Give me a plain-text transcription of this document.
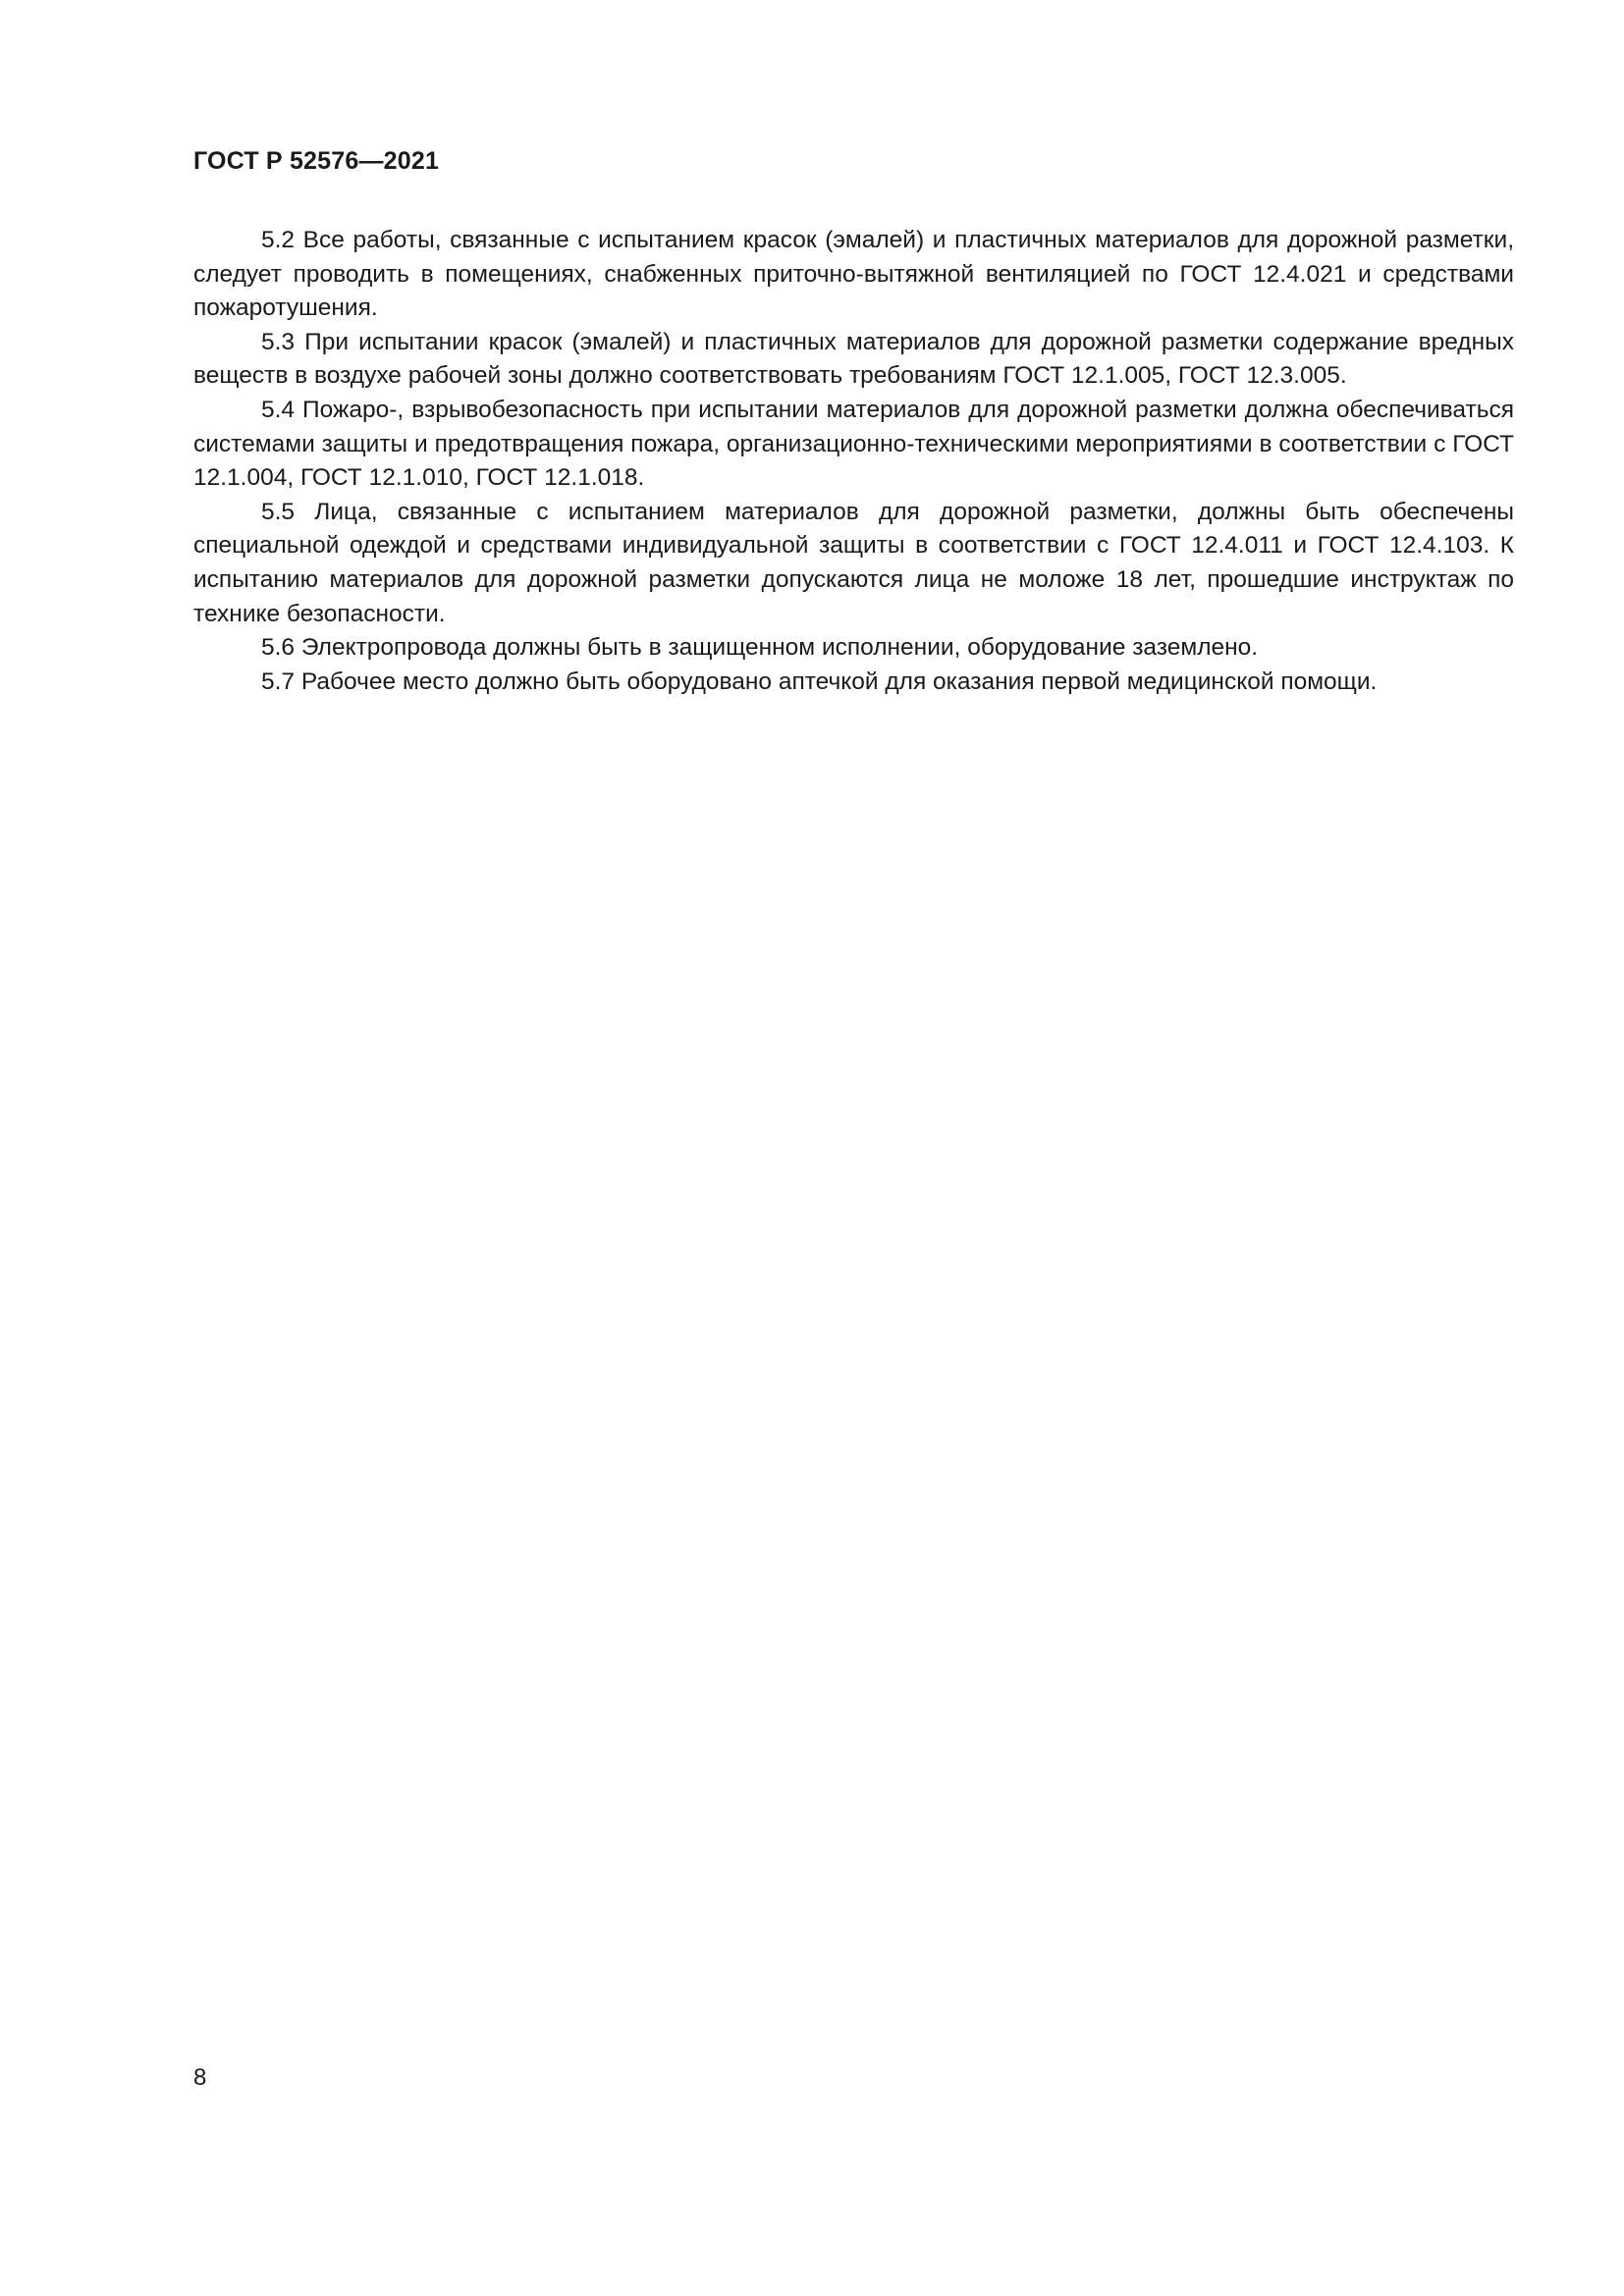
ГОСТ Р 52576—2021

5.2 Все работы, связанные с испытанием красок (эмалей) и пластичных материалов для дорожной разметки, следует проводить в помещениях, снабженных приточно-вытяжной вентиляцией по ГОСТ 12.4.021 и средствами пожаротушения.

5.3 При испытании красок (эмалей) и пластичных материалов для дорожной разметки содержание вредных веществ в воздухе рабочей зоны должно соответствовать требованиям ГОСТ 12.1.005, ГОСТ 12.3.005.

5.4 Пожаро-, взрывобезопасность при испытании материалов для дорожной разметки должна обеспечиваться системами защиты и предотвращения пожара, организационно-техническими мероприятиями в соответствии с ГОСТ 12.1.004, ГОСТ 12.1.010, ГОСТ 12.1.018.

5.5 Лица, связанные с испытанием материалов для дорожной разметки, должны быть обеспечены специальной одеждой и средствами индивидуальной защиты в соответствии с ГОСТ 12.4.011 и ГОСТ 12.4.103. К испытанию материалов для дорожной разметки допускаются лица не моложе 18 лет, прошедшие инструктаж по технике безопасности.

5.6 Электропровода должны быть в защищенном исполнении, оборудование заземлено.

5.7 Рабочее место должно быть оборудовано аптечкой для оказания первой медицинской помощи.

8
